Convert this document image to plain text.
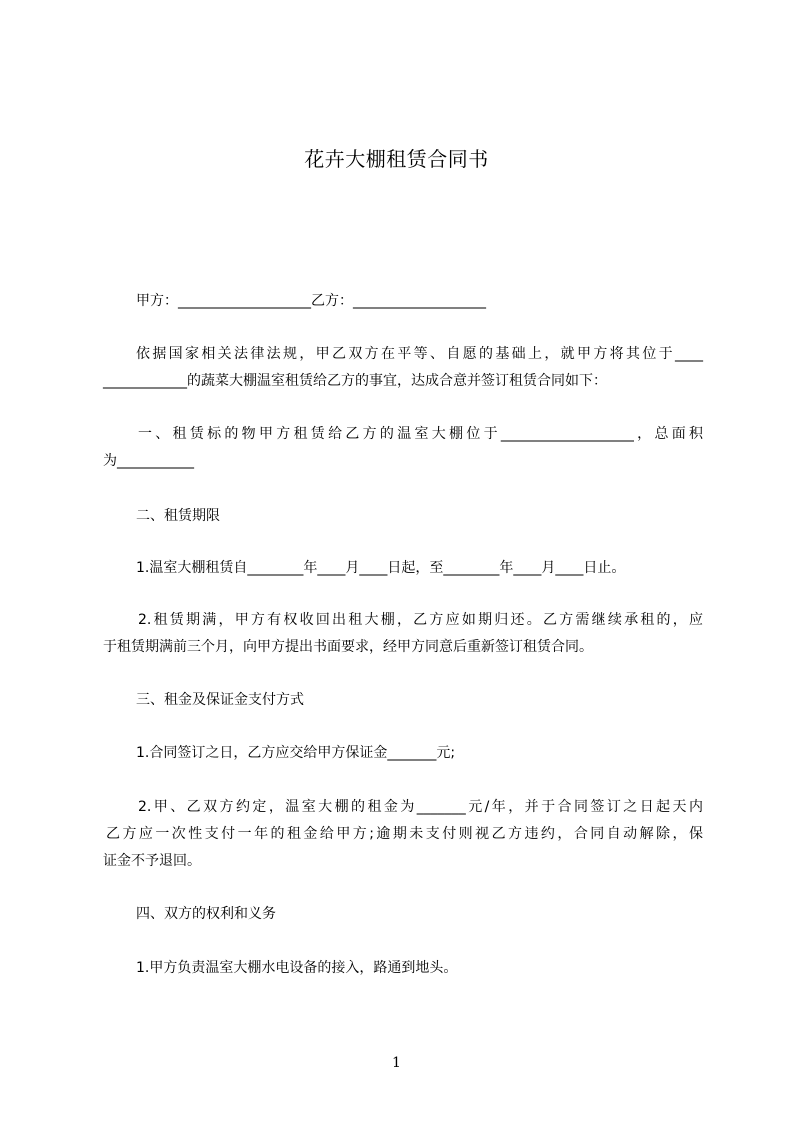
花卉大棚租赁合同书
甲方：___________________乙方：___________________
依据国家相关法律法规，甲乙双方在平等、自愿的基础上，就甲方将其位于____
____________的蔬菜大棚温室租赁给乙方的事宜，达成合意并签订租赁合同如下：
一、租赁标的物甲方租赁给乙方的温室大棚位于___________________，总面积
为___________
二、租赁期限
1.温室大棚租赁自________年____月____日起，至________年____月____日止。
2.租赁期满，甲方有权收回出租大棚，乙方应如期归还。乙方需继续承租的，应
于租赁期满前三个月，向甲方提出书面要求，经甲方同意后重新签订租赁合同。
三、租金及保证金支付方式
1.合同签订之日，乙方应交给甲方保证金_______元;
2.甲、乙双方约定，温室大棚的租金为_______元/年，并于合同签订之日起天内
乙方应一次性支付一年的租金给甲方;逾期未支付则视乙方违约，合同自动解除，保
证金不予退回。
四、双方的权利和义务
1.甲方负责温室大棚水电设备的接入，路通到地头。
1
